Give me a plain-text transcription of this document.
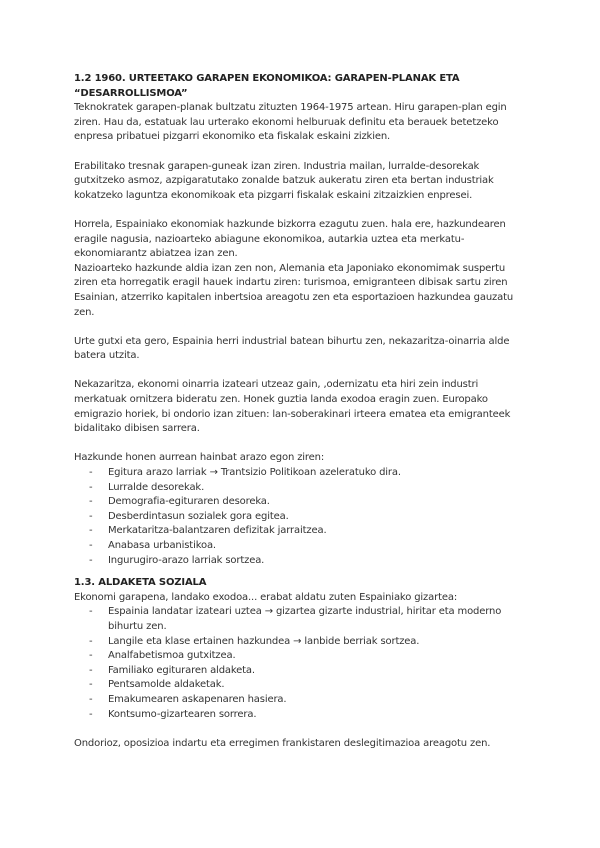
1.2 1960. URTEETAKO GARAPEN EKONOMIKOA: GARAPEN-PLANAK ETA “DESARROLLISMOA”

Teknokratek garapen-planak bultzatu zituzten 1964-1975 artean. Hiru garapen-plan egin ziren. Hau da, estatuak lau urterako ekonomi helburuak definitu eta berauek betetzeko enpresa pribatuei pizgarri ekonomiko eta fiskalak eskaini zizkien.

Erabilitako tresnak garapen-guneak izan ziren. Industria mailan, lurralde-desorekak gutxitzeko asmoz, azpigaratutako zonalde batzuk aukeratu ziren eta bertan industriak kokatzeko laguntza ekonomikoak eta pizgarri fiskalak eskaini zitzaizkien enpresei.

Horrela, Espainiako ekonomiak hazkunde bizkorra ezagutu zuen. hala ere, hazkundearen eragile nagusia, nazioarteko abiagune ekonomikoa, autarkia uztea eta merkatu-ekonomiarantz abiatzea izan zen.

Nazioarteko hazkunde aldia izan zen non, Alemania eta Japoniako ekonomimak suspertu ziren eta horregatik eragil hauek indartu ziren: turismoa, emigranteen dibisak sartu ziren Esainian, atzerriko kapitalen inbertsioa areagotu zen eta esportazioen hazkundea gauzatu zen.

Urte gutxi eta gero, Espainia herri industrial batean bihurtu zen, nekazaritza-oinarria alde batera utzita.

Nekazaritza, ekonomi oinarria izateari utzeaz gain, ,odernizatu eta hiri zein industri merkatuak ornitzera bideratu zen. Honek guztia landa exodoa eragin zuen. Europako emigrazio horiek, bi ondorio izan zituen: lan-soberakinari irteera ematea eta emigranteek bidalitako dibisen sarrera.

Hazkunde honen aurrean hainbat arazo egon ziren:

- Egitura arazo larriak → Trantsizio Politikoan azeleratuko dira.
- Lurralde desorekak.
- Demografia-egituraren desoreka.
- Desberdintasun sozialek gora egitea.
- Merkataritza-balantzaren defizitak jarraitzea.
- Anabasa urbanistikoa.
- Ingurugiro-arazo larriak sortzea.
1.3. ALDAKETA SOZIALA

Ekonomi garapena, landako exodoa... erabat aldatu zuten Espainiako gizartea:

- Espainia landatar izateari uztea → gizartea gizarte industrial, hiritar eta moderno bihurtu zen.
- Langile eta klase ertainen hazkundea → lanbide berriak sortzea.
- Analfabetismoa gutxitzea.
- Familiako egituraren aldaketa.
- Pentsamolde aldaketak.
- Emakumearen askapenaren hasiera.
- Kontsumo-gizartearen sorrera.

Ondorioz, oposizioa indartu eta erregimen frankistaren deslegitimazioa areagotu zen.
